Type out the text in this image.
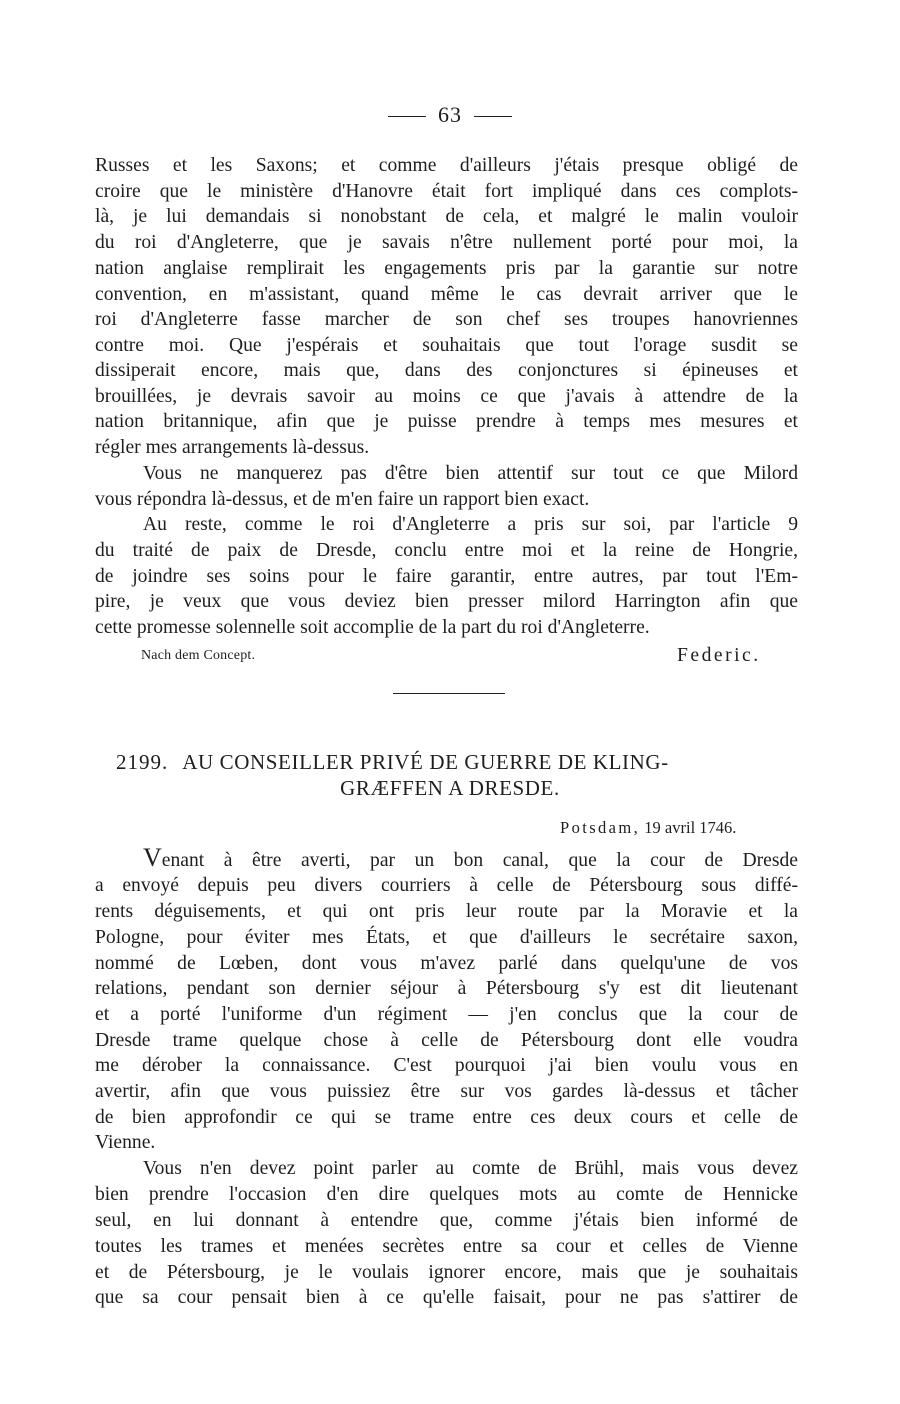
63
Russes et les Saxons; et comme d'ailleurs j'étais presque obligé de
croire que le ministère d'Hanovre était fort impliqué dans ces complots-
là, je lui demandais si nonobstant de cela, et malgré le malin vouloir
du roi d'Angleterre, que je savais n'être nullement porté pour moi, la
nation anglaise remplirait les engagements pris par la garantie sur notre
convention, en m'assistant, quand même le cas devrait arriver que le
roi d'Angleterre fasse marcher de son chef ses troupes hanovriennes
contre moi. Que j'espérais et souhaitais que tout l'orage susdit se
dissiperait encore, mais que, dans des conjonctures si épineuses et
brouillées, je devrais savoir au moins ce que j'avais à attendre de la
nation britannique, afin que je puisse prendre à temps mes mesures et
régler mes arrangements là-dessus.
Vous ne manquerez pas d'être bien attentif sur tout ce que Milord
vous répondra là-dessus, et de m'en faire un rapport bien exact.
Au reste, comme le roi d'Angleterre a pris sur soi, par l'article 9
du traité de paix de Dresde, conclu entre moi et la reine de Hongrie,
de joindre ses soins pour le faire garantir, entre autres, par tout l'Em-
pire, je veux que vous deviez bien presser milord Harrington afin que
cette promesse solennelle soit accomplie de la part du roi d'Angleterre.
Nach dem Concept.	Federic.
2199. AU CONSEILLER PRIVÉ DE GUERRE DE KLING-
GRÆFFEN A DRESDE.
Potsdam, 19 avril 1746.
Venant à être averti, par un bon canal, que la cour de Dresde
a envoyé depuis peu divers courriers à celle de Pétersbourg sous diffé-
rents déguisements, et qui ont pris leur route par la Moravie et la
Pologne, pour éviter mes États, et que d'ailleurs le secrétaire saxon,
nommé de Lœben, dont vous m'avez parlé dans quelqu'une de vos
relations, pendant son dernier séjour à Pétersbourg s'y est dit lieutenant
et a porté l'uniforme d'un régiment — j'en conclus que la cour de
Dresde trame quelque chose à celle de Pétersbourg dont elle voudra
me dérober la connaissance. C'est pourquoi j'ai bien voulu vous en
avertir, afin que vous puissiez être sur vos gardes là-dessus et tâcher
de bien approfondir ce qui se trame entre ces deux cours et celle de
Vienne.
Vous n'en devez point parler au comte de Brühl, mais vous devez
bien prendre l'occasion d'en dire quelques mots au comte de Hennicke
seul, en lui donnant à entendre que, comme j'étais bien informé de
toutes les trames et menées secrètes entre sa cour et celles de Vienne
et de Pétersbourg, je le voulais ignorer encore, mais que je souhaitais
que sa cour pensait bien à ce qu'elle faisait, pour ne pas s'attirer de
